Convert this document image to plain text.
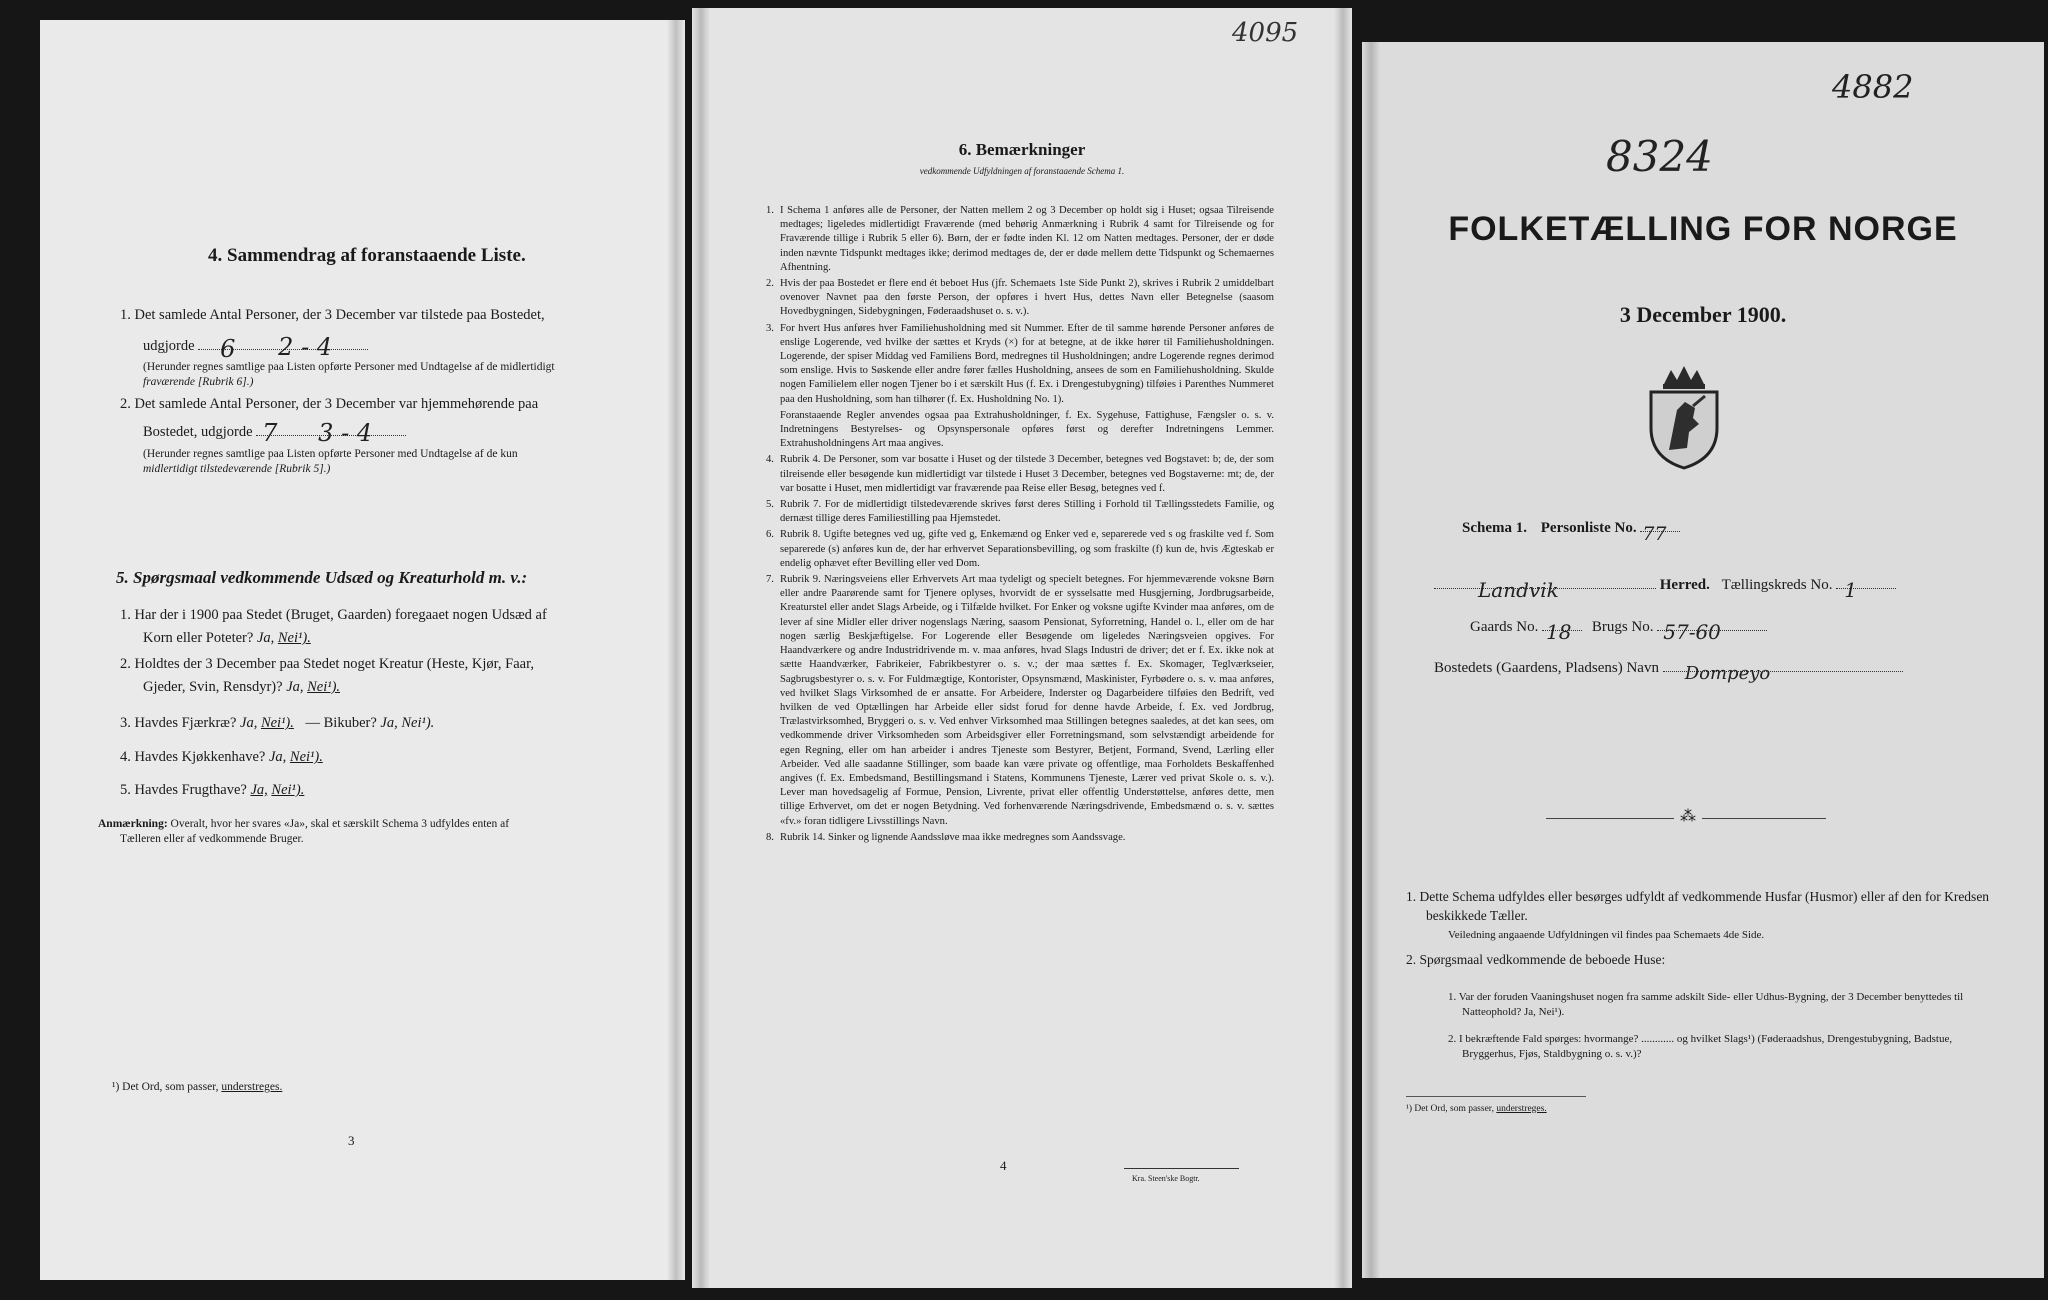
4. Sammendrag af foranstaaende Liste.
1. Det samlede Antal Personer, der 3 December var tilstede paa Bostedet,
udgjorde 6 2 - 4
(Herunder regnes samtlige paa Listen opførte Personer med Undtagelse af de midlertidigt
fraværende [Rubrik 6].)
2. Det samlede Antal Personer, der 3 December var hjemmehørende paa
Bostedet, udgjorde 7 3 - 4
(Herunder regnes samtlige paa Listen opførte Personer med Undtagelse af de kun
midlertidigt tilstedeværende [Rubrik 5].)
5. Spørgsmaal vedkommende Udsæd og Kreaturhold m. v.:
1. Har der i 1900 paa Stedet (Bruget, Gaarden) foregaaet nogen Udsæd af
Korn eller Poteter? Ja, Nei¹).
2. Holdtes der 3 December paa Stedet noget Kreatur (Heste, Kjør, Faar,
Gjeder, Svin, Rensdyr)? Ja, Nei¹).
3. Havdes Fjærkræ? Ja, Nei¹). — Bikuber? Ja, Nei¹).
4. Havdes Kjøkkenhave? Ja, Nei¹).
5. Havdes Frugthave? Ja, Nei¹).
Anmærkning: Overalt, hvor her svares «Ja», skal et særskilt Schema 3 udfyldes enten af
Tælleren eller af vedkommende Bruger.
¹) Det Ord, som passer, understreges.
3
4095
6. Bemærkninger
vedkommende Udfyldningen af foranstaaende Schema 1.
1. I Schema 1 anføres alle de Personer, der Natten mellem 2 og 3 December op holdt sig i Huset; ogsaa Tilreisende medtages; ligeledes midlertidigt Fraværende (med behørig Anmærkning i Rubrik 4 samt for Tilreisende og for Fraværende tillige i Rubrik 5 eller 6). Børn, der er fødte inden Kl. 12 om Natten medtages. Personer, der er døde inden nævnte Tidspunkt medtages ikke; derimod medtages de, der er døde mellem dette Tidspunkt og Schemaernes Afhentning.
2. Hvis der paa Bostedet er flere end ét beboet Hus (jfr. Schemaets 1ste Side Punkt 2), skrives i Rubrik 2 umiddelbart ovenover Navnet paa den første Person, der opføres i hvert Hus, dettes Navn eller Betegnelse (saasom Hovedbygningen, Sidebygningen, Føderaadshuset o. s. v.).
3. For hvert Hus anføres hver Familiehusholdning med sit Nummer. Efter de til samme hørende Personer anføres de enslige Logerende, ved hvilke der sættes et Kryds (×) for at betegne, at de ikke hører til Familiehusholdningen. Logerende, der spiser Middag ved Familiens Bord, medregnes til Husholdningen; andre Logerende regnes derimod som enslige. Hvis to Søskende eller andre fører fælles Husholdning, ansees de som en Familiehusholdning. Skulde nogen Familielem eller nogen Tjener bo i et særskilt Hus (f. Ex. i Drengestubygning) tilføies i Parenthes Nummeret paa den Husholdning, som han tilhører (f. Ex. Husholdning No. 1).
Foranstaaende Regler anvendes ogsaa paa Extrahusholdninger, f. Ex. Sygehuse, Fattighuse, Fængsler o. s. v. Indretningens Bestyrelses- og Opsynspersonale opføres først og derefter Indretningens Lemmer. Extrahusholdningens Art maa angives.
4. Rubrik 4. De Personer, som var bosatte i Huset og der tilstede 3 December, betegnes ved Bogstavet: b; de, der som tilreisende eller besøgende kun midlertidigt var tilstede i Huset 3 December, betegnes ved Bogstaverne: mt; de, der var bosatte i Huset, men midlertidigt var fraværende paa Reise eller Besøg, betegnes ved f.
5. Rubrik 7. For de midlertidigt tilstedeværende skrives først deres Stilling i Forhold til Tællingsstedets Familie, og dernæst tillige deres Familiestilling paa Hjemstedet.
6. Rubrik 8. Ugifte betegnes ved ug, gifte ved g, Enkemænd og Enker ved e, separerede ved s og fraskilte ved f. Som separerede (s) anføres kun de, der har erhvervet Separationsbevilling, og som fraskilte (f) kun de, hvis Ægteskab er endelig ophævet efter Bevilling eller ved Dom.
7. Rubrik 9. Næringsveiens eller Erhvervets Art maa tydeligt og specielt betegnes. For hjemmeværende voksne Børn eller andre Paarørende samt for Tjenere oplyses, hvorvidt de er sysselsatte med Husgjerning, Jordbrugsarbeide, Kreaturstel eller andet Slags Arbeide, og i Tilfælde hvilket. For Enker og voksne ugifte Kvinder maa anføres, om de lever af sine Midler eller driver nogenslags Næring, saasom Pensionat, Syforretning, Handel o. l., eller om de har nogen særlig Beskjæftigelse. For Logerende eller Besøgende om ligeledes Næringsveien opgives. For Haandværkere og andre Industridrivende m. v. maa anføres, hvad Slags Industri de driver; det er f. Ex. ikke nok at sætte Haandværker, Fabrikeier, Fabrikbestyrer o. s. v.; der maa sættes f. Ex. Skomager, Teglværkseier, Sagbrugsbestyrer o. s. v. For Fuldmægtige, Kontorister, Opsynsmænd, Maskinister, Fyrbødere o. s. v. maa anføres, ved hvilket Slags Virksomhed de er ansatte. For Arbeidere, Inderster og Dagarbeidere tilføies den Bedrift, ved hvilken de ved Optællingen har Arbeide eller sidst forud for denne havde Arbeide, f. Ex. ved Jordbrug, Trælastvirksomhed, Bryggeri o. s. v. Ved enhver Virksomhed maa Stillingen betegnes saaledes, at det kan sees, om vedkommende driver Virksomheden som Arbeidsgiver eller Forretningsmand, som selvstændigt arbeidende for egen Regning, eller om han arbeider i andres Tjeneste som Bestyrer, Betjent, Formand, Svend, Lærling eller Arbeider. Ved alle saadanne Stillinger, som baade kan være private og offentlige, maa Forholdets Beskaffenhed angives (f. Ex. Embedsmand, Bestillingsmand i Statens, Kommunens Tjeneste, Lærer ved privat Skole o. s. v.). Lever man hovedsagelig af Formue, Pension, Livrente, privat eller offentlig Understøttelse, anføres dette, men tillige Erhvervet, om det er nogen Betydning. Ved forhenværende Næringsdrivende, Embedsmænd o. s. v. sættes «fv.» foran tidligere Livsstillings Navn.
8. Rubrik 14. Sinker og lignende Aandssløve maa ikke medregnes som Aandssvage.
4
Kra. Steen'ske Bogtr.
4882
8324
FOLKETÆLLING FOR NORGE
3 December 1900.
Schema 1. Personliste No. 77
Landvik	Herred. Tællingskreds No. 1
Gaards No. 18 Brugs No. 57-60
Bostedets (Gaardens, Pladsens) Navn Dompeyo
⁂
1. Dette Schema udfyldes eller besørges udfyldt af vedkommende Husfar (Husmor) eller af den for Kredsen beskikkede Tæller.
Veiledning angaaende Udfyldningen vil findes paa Schemaets 4de Side.
2. Spørgsmaal vedkommende de beboede Huse:
1. Var der foruden Vaaningshuset nogen fra samme adskilt Side- eller Udhus-Bygning, der 3 December benyttedes til Natteophold? Ja, Nei¹).
2. I bekræftende Fald spørges: hvormange? ............ og hvilket Slags¹) (Føderaadshus, Drengestubygning, Badstue, Bryggerhus, Fjøs, Staldbygning o. s. v.)?
¹) Det Ord, som passer, understreges.
